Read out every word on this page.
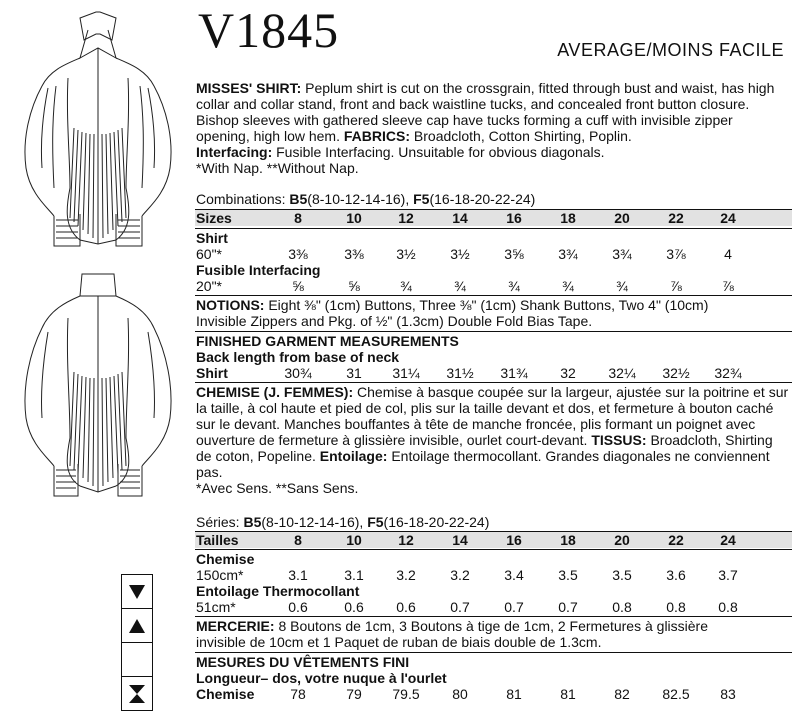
V1845	AVERAGE/MOINS FACILE
MISSES' SHIRT: Peplum shirt is cut on the crossgrain, fitted through bust and waist, has high collar and collar stand, front and back waistline tucks, and concealed front button closure. Bishop sleeves with gathered sleeve cap have tucks forming a cuff with invisible zipper opening, high low hem. FABRICS: Broadcloth, Cotton Shirting, Poplin.
Interfacing: Fusible Interfacing. Unsuitable for obvious diagonals.
*With Nap. **Without Nap.
Combinations: B5(8-10-12-14-16), F5(16-18-20-22-24)
Sizes	8	10	12	14	16	18	20	22	24
Shirt
60"*	3⅜	3⅜	3½	3½	3⅝	3¾	3¾	3⅞	4
Fusible Interfacing
20"*	⅝	⅝	¾	¾	¾	¾	¾	⅞	⅞
NOTIONS: Eight ⅜" (1cm) Buttons, Three ⅜" (1cm) Shank Buttons, Two 4" (10cm)
Invisible Zippers and Pkg. of ½" (1.3cm) Double Fold Bias Tape.
FINISHED GARMENT MEASUREMENTS
Back length from base of neck
Shirt	30¾	31	31¼	31½	31¾	32	32¼	32½	32¾
CHEMISE (J. FEMMES): Chemise à basque coupée sur la largeur, ajustée sur la poitrine et sur la taille, à col haute et pied de col, plis sur la taille devant et dos, et fermeture à bouton caché sur le devant. Manches bouffantes à tête de manche froncée, plis formant un poignet avec ouverture de fermeture à glissière invisible, ourlet court-devant. TISSUS: Broadcloth, Shirting de coton, Popeline. Entoilage: Entoilage thermocollant. Grandes diagonales ne conviennent pas.
*Avec Sens. **Sans Sens.
Séries: B5(8-10-12-14-16), F5(16-18-20-22-24)
Tailles	8	10	12	14	16	18	20	22	24
Chemise
150cm*	3.1	3.1	3.2	3.2	3.4	3.5	3.5	3.6	3.7
Entoilage Thermocollant
51cm*	0.6	0.6	0.6	0.7	0.7	0.7	0.8	0.8	0.8
MERCERIE: 8 Boutons de 1cm, 3 Boutons à tige de 1cm, 2 Fermetures à glissière
invisible de 10cm et 1 Paquet de ruban de biais double de 1.3cm.
MESURES DU VÊTEMENTS FINI
Longueur– dos, votre nuque à l'ourlet
Chemise	78	79	79.5	80	81	81	82	82.5	83
